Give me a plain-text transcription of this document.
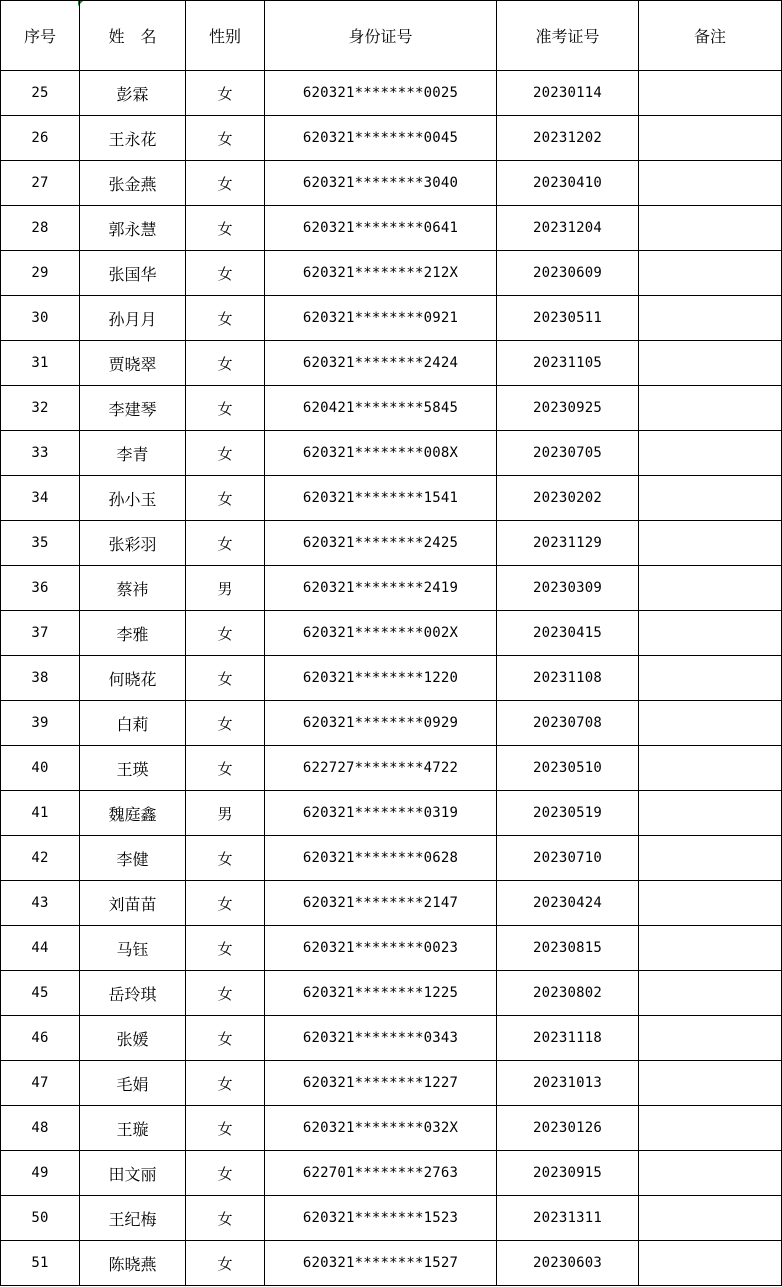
序号	姓　名	性别	身份证号	准考证号	备注
25	彭霖	女	620321********0025	20230114	
26	王永花	女	620321********0045	20231202	
27	张金燕	女	620321********3040	20230410	
28	郭永慧	女	620321********0641	20231204	
29	张国华	女	620321********212X	20230609	
30	孙月月	女	620321********0921	20230511	
31	贾晓翠	女	620321********2424	20231105	
32	李建琴	女	620421********5845	20230925	
33	李青	女	620321********008X	20230705	
34	孙小玉	女	620321********1541	20230202	
35	张彩羽	女	620321********2425	20231129	
36	蔡祎	男	620321********2419	20230309	
37	李雅	女	620321********002X	20230415	
38	何晓花	女	620321********1220	20231108	
39	白莉	女	620321********0929	20230708	
40	王瑛	女	622727********4722	20230510	
41	魏庭鑫	男	620321********0319	20230519	
42	李健	女	620321********0628	20230710	
43	刘苗苗	女	620321********2147	20230424	
44	马钰	女	620321********0023	20230815	
45	岳玲琪	女	620321********1225	20230802	
46	张媛	女	620321********0343	20231118	
47	毛娟	女	620321********1227	20231013	
48	王璇	女	620321********032X	20230126	
49	田文丽	女	622701********2763	20230915	
50	王纪梅	女	620321********1523	20231311	
51	陈晓燕	女	620321********1527	20230603	
